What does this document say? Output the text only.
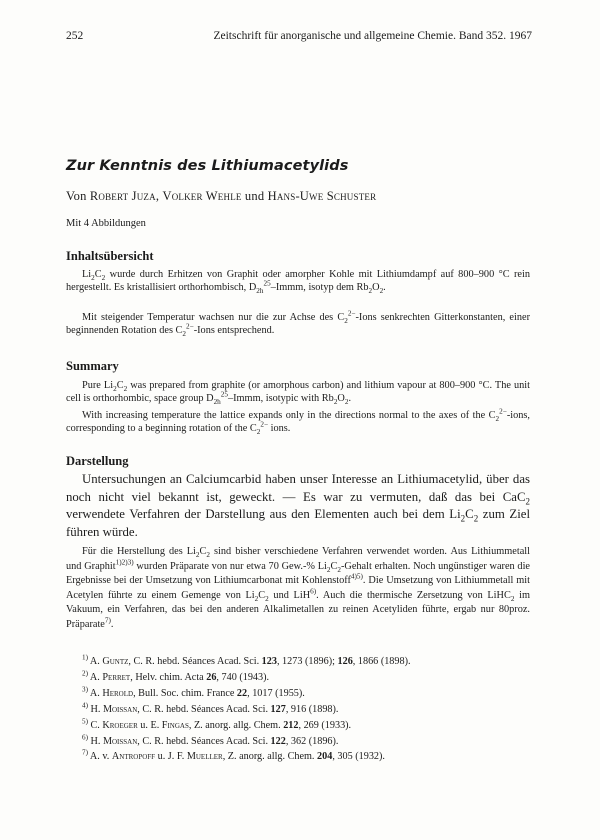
252	Zeitschrift für anorganische und allgemeine Chemie. Band 352. 1967
Zur Kenntnis des Lithiumacetylids
Von Robert Juza, Volker Wehle und Hans-Uwe Schuster
Mit 4 Abbildungen
Inhaltsübersicht

$Li_2C_2$ wurde durch Erhitzen von Graphit oder amorpher Kohle mit Lithiumdampf auf 800–900 °C rein hergestellt. Es kristallisiert orthorhombisch, $D_{2h}^{25}$–Immm, isotyp dem $Rb_2O_2$.

Mit steigender Temperatur wachsen nur die zur Achse des $C_2^{2-}$-Ions senkrechten Gitterkonstanten, einer beginnenden Rotation des $C_2^{2-}$-Ions entsprechend.

Summary

Pure $Li_2C_2$ was prepared from graphite (or amorphous carbon) and lithium vapour at 800–900 °C. The unit cell is orthorhombic, space group $D_{2h}^{25}$–Immm, isotypic with $Rb_2O_2$.

With increasing temperature the lattice expands only in the directions normal to the axes of the $C_2^{2-}$-ions, corresponding to a beginning rotation of the $C_2^{2-}$ ions.

Darstellung

Untersuchungen an Calciumcarbid haben unser Interesse an Lithiumacetylid, über das noch nicht viel bekannt ist, geweckt. — Es war zu vermuten, daß das bei CaC$_2$ verwendete Verfahren der Darstellung aus den Elementen auch bei dem $Li_2C_2$ zum Ziel führen würde.

Für die Herstellung des $Li_2C_2$ sind bisher verschiedene Verfahren verwendet worden. Aus Lithiummetall und Graphit$^{1)2)3)}$ wurden Präparate von nur etwa 70 Gew.-% $Li_2C_2$-Gehalt erhalten. Noch ungünstiger waren die Ergebnisse bei der Umsetzung von Lithiumcarbonat mit Kohlenstoff$^{4)5)}$. Die Umsetzung von Lithiummetall mit Acetylen führte zu einem Gemenge von $Li_2C_2$ und LiH$^{6)}$. Auch die thermische Zersetzung von LiHC$_2$ im Vakuum, ein Verfahren, das bei den anderen Alkalimetallen zu reinen Acetyliden führte, ergab nur 80proz. Präparate$^{7)}$.

$^{1)}$ A. Guntz, C. R. hebd. Séances Acad. Sci. 123, 1273 (1896); 126, 1866 (1898).
$^{2)}$ A. Perret, Helv. chim. Acta 26, 740 (1943).
$^{3)}$ A. Herold, Bull. Soc. chim. France 22, 1017 (1955).
$^{4)}$ H. Moissan, C. R. hebd. Séances Acad. Sci. 127, 916 (1898).
$^{5)}$ C. Kroeger u. E. Fingas, Z. anorg. allg. Chem. 212, 269 (1933).
$^{6)}$ H. Moissan, C. R. hebd. Séances Acad. Sci. 122, 362 (1896).
$^{7)}$ A. v. Antropoff u. J. F. Mueller, Z. anorg. allg. Chem. 204, 305 (1932).
